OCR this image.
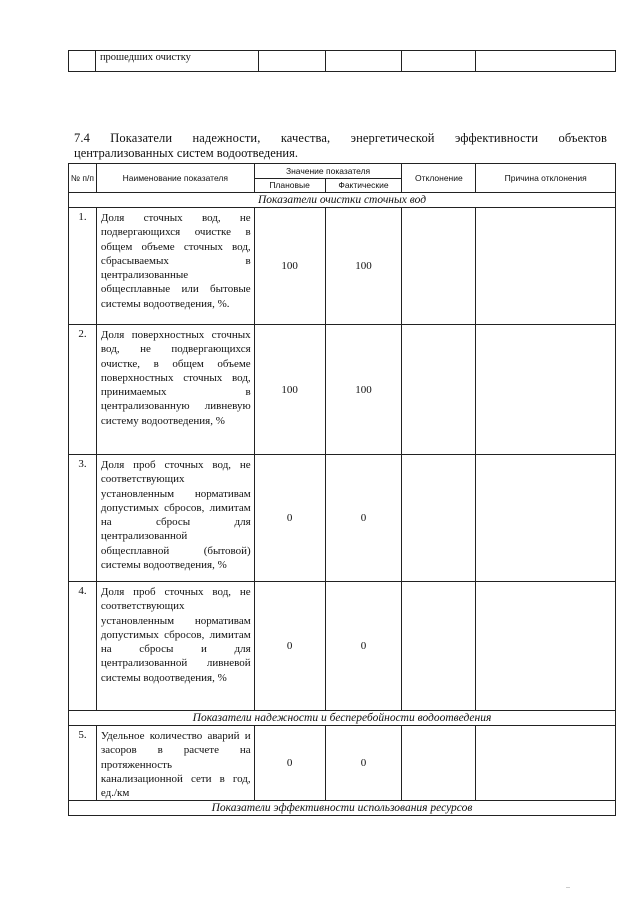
	прошедших очистку				
7.4 Показатели надежности, качества, энергетической эффективности объектов
централизованных систем водоотведения.
№ п/п	Наименование показателя	Значение показателя		Отклонение	Причина отклонения
		Плановые	Фактические		
Показатели очистки сточных вод					
1.	Доля сточных вод, не подвергающихся очистке в общем объеме сточных вод, сбрасываемых в централизованные общесплавные или бытовые системы водоотведения, %.	100	100		
2.	Доля поверхностных сточных вод, не подвергающихся очистке, в общем объеме поверхностных сточных вод, принимаемых в централизованную ливневую систему водоотведения, %	100	100		
3.	Доля проб сточных вод, не соответствующих установленным нормативам допустимых сбросов, лимитам на сбросы для централизованной общесплавной (бытовой) системы водоотведения, %	0	0		
4.	Доля проб сточных вод, не соответствующих установленным нормативам допустимых сбросов, лимитам на сбросы и для централизованной ливневой системы водоотведения, %	0	0		
Показатели надежности и бесперебойности водоотведения					
5.	Удельное количество аварий и засоров в расчете на протяженность канализационной сети в год, ед./км	0	0		
Показатели эффективности использования ресурсов					
